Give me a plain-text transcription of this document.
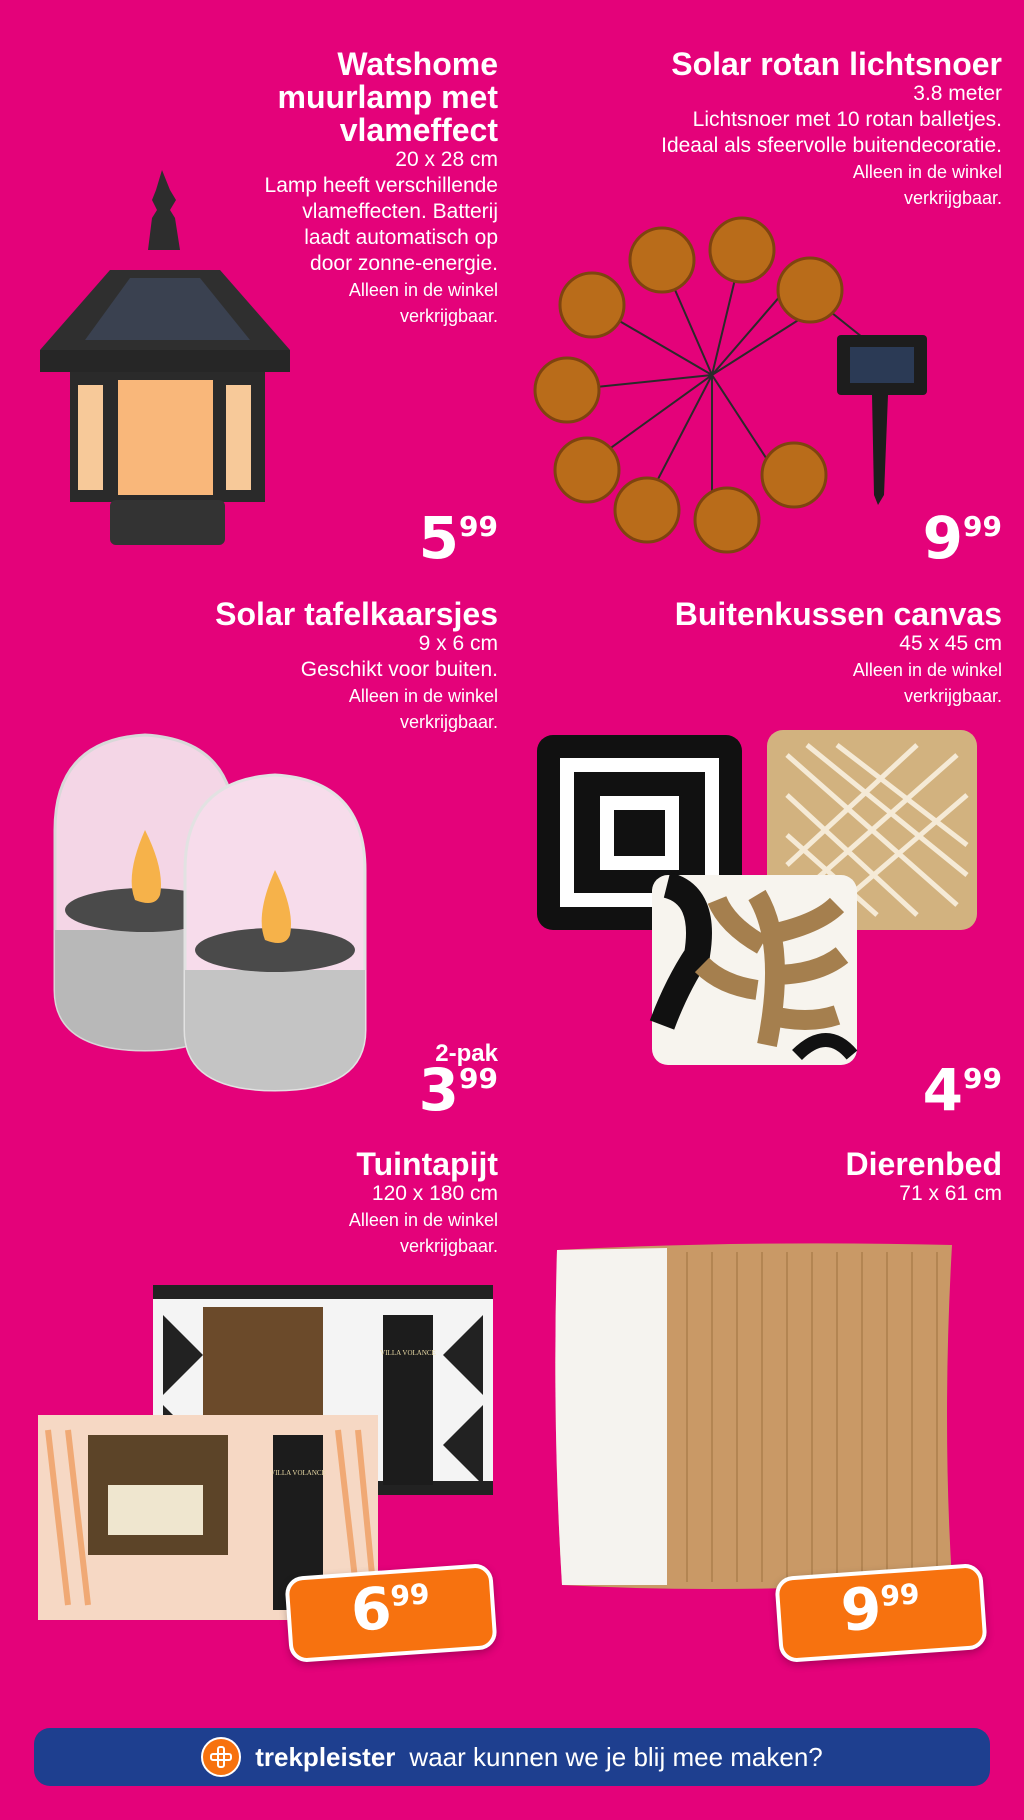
Watshome
muurlamp met
vlameffect
20 x 28 cm
Lamp heeft verschillende
vlameffecten. Batterij
laadt automatisch op
door zonne-energie.
Alleen in de winkel
verkrijgbaar.
5 99
Solar rotan lichtsnoer
3.8 meter
Lichtsnoer met 10 rotan balletjes.
Ideaal als sfeervolle buitendecoratie.
Alleen in de winkel
verkrijgbaar.
9 99
Solar tafelkaarsjes
9 x 6 cm
Geschikt voor buiten.
Alleen in de winkel
verkrijgbaar.
2-pak
3 99
Buitenkussen canvas
45 x 45 cm
Alleen in de winkel
verkrijgbaar.
4 99
Tuintapijt
120 x 180 cm
Alleen in de winkel
verkrijgbaar.
VILLA VOLANCE
VILLA VOLANCE
6
99
Dierenbed
71 x 61 cm
9
99
trekpleister waar kunnen we je blij mee maken?
